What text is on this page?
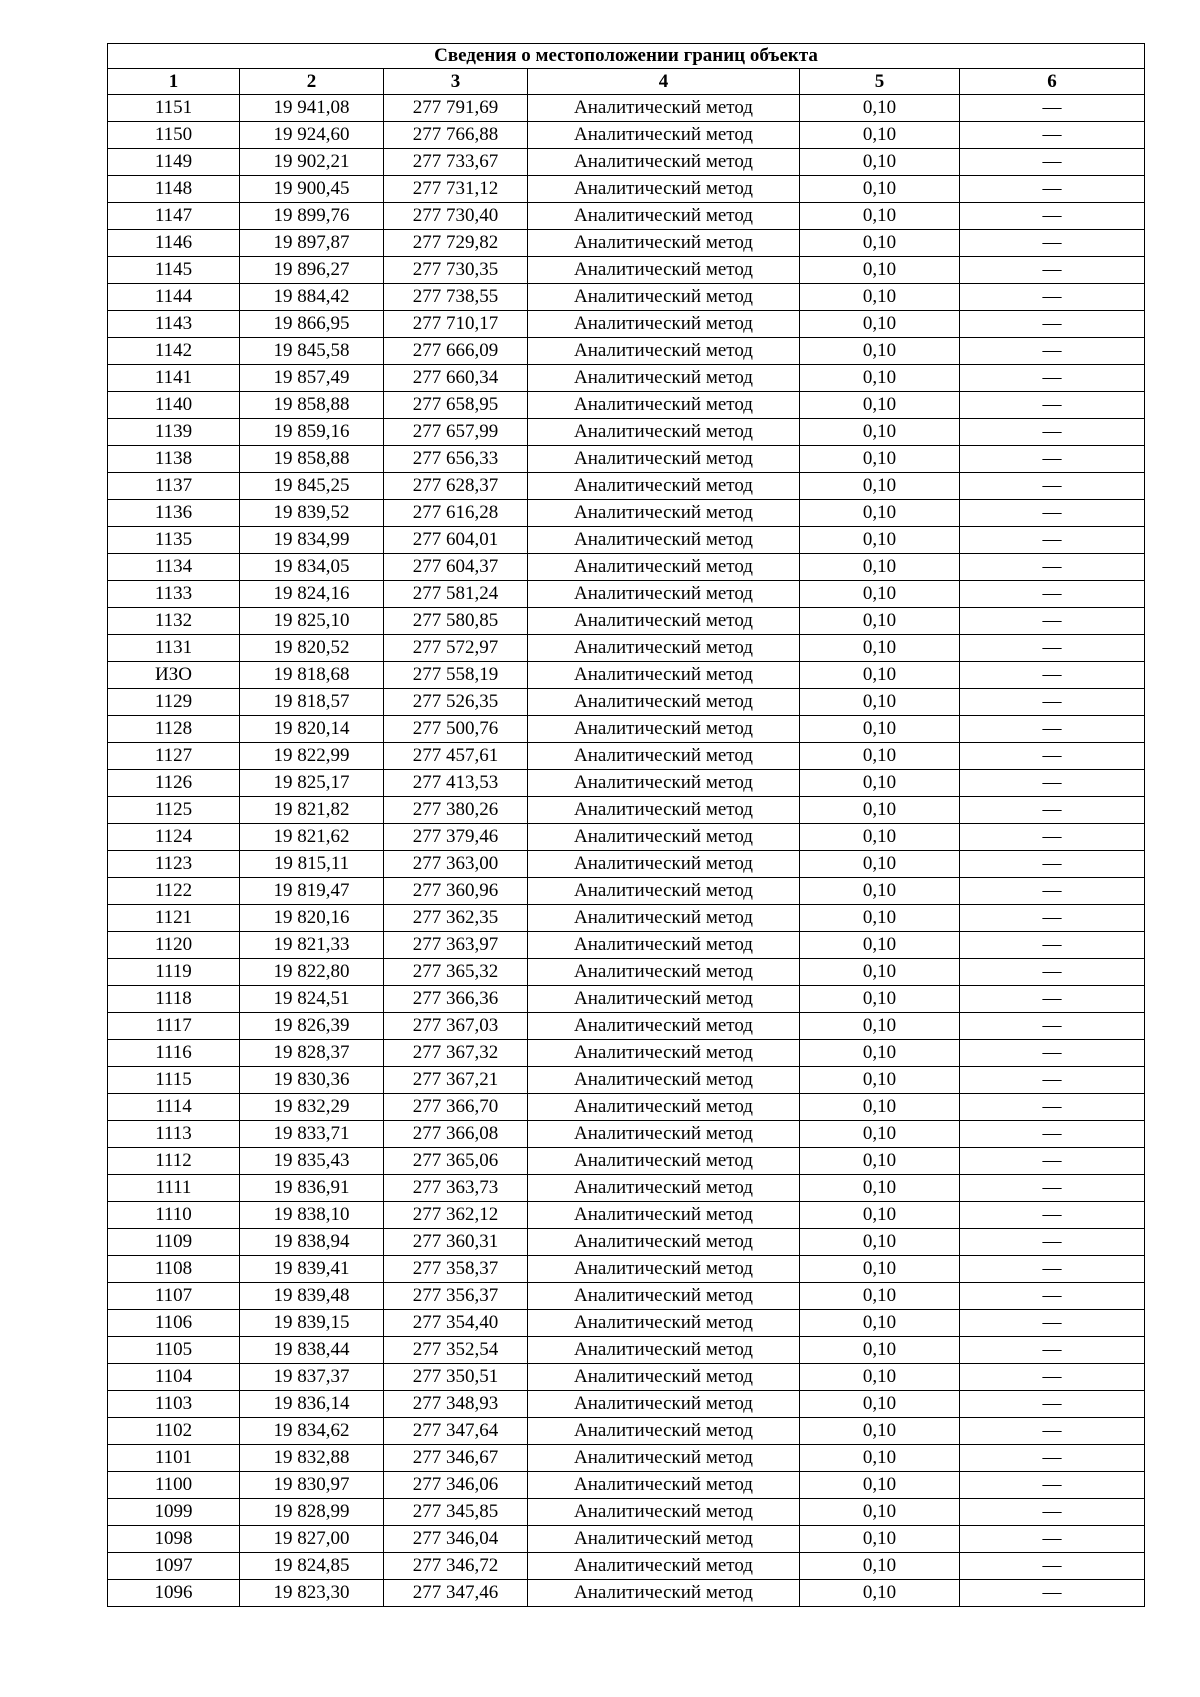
Сведения о местоположении границ объекта					
1	2	3	4	5	6
1151	19 941,08	277 791,69	Аналитический метод	0,10	—
1150	19 924,60	277 766,88	Аналитический метод	0,10	—
1149	19 902,21	277 733,67	Аналитический метод	0,10	—
1148	19 900,45	277 731,12	Аналитический метод	0,10	—
1147	19 899,76	277 730,40	Аналитический метод	0,10	—
1146	19 897,87	277 729,82	Аналитический метод	0,10	—
1145	19 896,27	277 730,35	Аналитический метод	0,10	—
1144	19 884,42	277 738,55	Аналитический метод	0,10	—
1143	19 866,95	277 710,17	Аналитический метод	0,10	—
1142	19 845,58	277 666,09	Аналитический метод	0,10	—
1141	19 857,49	277 660,34	Аналитический метод	0,10	—
1140	19 858,88	277 658,95	Аналитический метод	0,10	—
1139	19 859,16	277 657,99	Аналитический метод	0,10	—
1138	19 858,88	277 656,33	Аналитический метод	0,10	—
1137	19 845,25	277 628,37	Аналитический метод	0,10	—
1136	19 839,52	277 616,28	Аналитический метод	0,10	—
1135	19 834,99	277 604,01	Аналитический метод	0,10	—
1134	19 834,05	277 604,37	Аналитический метод	0,10	—
1133	19 824,16	277 581,24	Аналитический метод	0,10	—
1132	19 825,10	277 580,85	Аналитический метод	0,10	—
1131	19 820,52	277 572,97	Аналитический метод	0,10	—
ИЗО	19 818,68	277 558,19	Аналитический метод	0,10	—
1129	19 818,57	277 526,35	Аналитический метод	0,10	—
1128	19 820,14	277 500,76	Аналитический метод	0,10	—
1127	19 822,99	277 457,61	Аналитический метод	0,10	—
1126	19 825,17	277 413,53	Аналитический метод	0,10	—
1125	19 821,82	277 380,26	Аналитический метод	0,10	—
1124	19 821,62	277 379,46	Аналитический метод	0,10	—
1123	19 815,11	277 363,00	Аналитический метод	0,10	—
1122	19 819,47	277 360,96	Аналитический метод	0,10	—
1121	19 820,16	277 362,35	Аналитический метод	0,10	—
1120	19 821,33	277 363,97	Аналитический метод	0,10	—
1119	19 822,80	277 365,32	Аналитический метод	0,10	—
1118	19 824,51	277 366,36	Аналитический метод	0,10	—
1117	19 826,39	277 367,03	Аналитический метод	0,10	—
1116	19 828,37	277 367,32	Аналитический метод	0,10	—
1115	19 830,36	277 367,21	Аналитический метод	0,10	—
1114	19 832,29	277 366,70	Аналитический метод	0,10	—
1113	19 833,71	277 366,08	Аналитический метод	0,10	—
1112	19 835,43	277 365,06	Аналитический метод	0,10	—
1111	19 836,91	277 363,73	Аналитический метод	0,10	—
1110	19 838,10	277 362,12	Аналитический метод	0,10	—
1109	19 838,94	277 360,31	Аналитический метод	0,10	—
1108	19 839,41	277 358,37	Аналитический метод	0,10	—
1107	19 839,48	277 356,37	Аналитический метод	0,10	—
1106	19 839,15	277 354,40	Аналитический метод	0,10	—
1105	19 838,44	277 352,54	Аналитический метод	0,10	—
1104	19 837,37	277 350,51	Аналитический метод	0,10	—
1103	19 836,14	277 348,93	Аналитический метод	0,10	—
1102	19 834,62	277 347,64	Аналитический метод	0,10	—
1101	19 832,88	277 346,67	Аналитический метод	0,10	—
1100	19 830,97	277 346,06	Аналитический метод	0,10	—
1099	19 828,99	277 345,85	Аналитический метод	0,10	—
1098	19 827,00	277 346,04	Аналитический метод	0,10	—
1097	19 824,85	277 346,72	Аналитический метод	0,10	—
1096	19 823,30	277 347,46	Аналитический метод	0,10	—
